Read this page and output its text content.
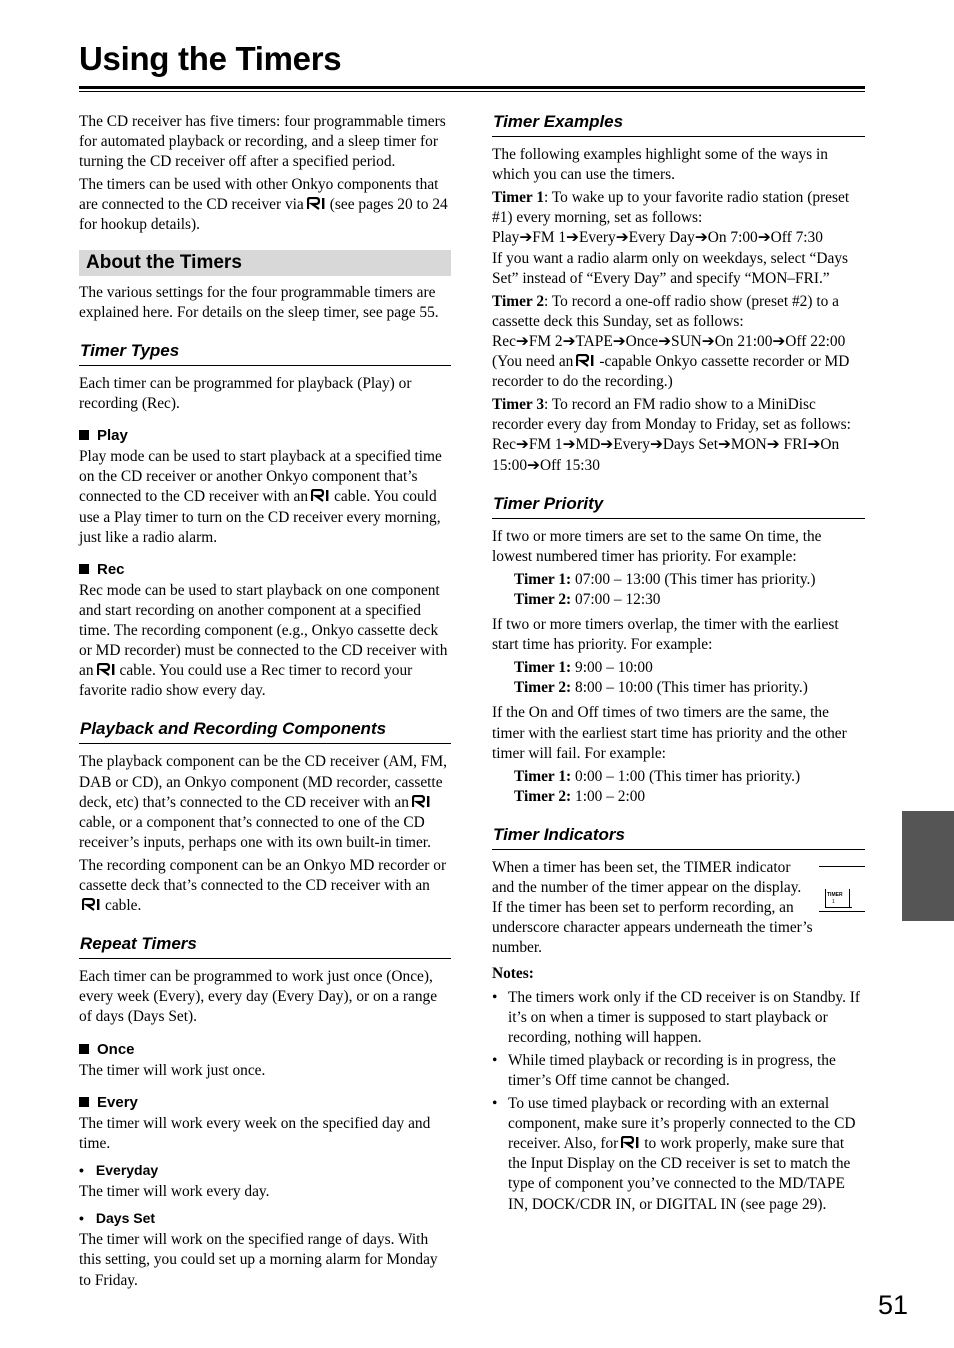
Using the Timers

The CD receiver has five timers: four programmable timers for automated playback or recording, and a sleep timer for turning the CD receiver off after a specified period.

The timers can be used with other Onkyo components that are connected to the CD receiver via (see pages 20 to 24 for hookup details).

About the Timers

The various settings for the four programmable timers are explained here. For details on the sleep timer, see page 55.

Timer Types

Each timer can be programmed for playback (Play) or recording (Rec).

Play

Play mode can be used to start playback at a specified time on the CD receiver or another Onkyo component that’s connected to the CD receiver with an cable. You could use a Play timer to turn on the CD receiver every morning, just like a radio alarm.

Rec

Rec mode can be used to start playback on one component and start recording on another component at a specified time. The recording component (e.g., Onkyo cassette deck or MD recorder) must be connected to the CD receiver with an cable. You could use a Rec timer to record your favorite radio show every day.

Playback and Recording Components

The playback component can be the CD receiver (AM, FM, DAB or CD), an Onkyo component (MD recorder, cassette deck, etc) that’s connected to the CD receiver with ancable, or a component that’s connected to one of the CD receiver’s inputs, perhaps one with its own built-in timer.

The recording component can be an Onkyo MD recorder or cassette deck that’s connected to the CD receiver with ancable.

Repeat Timers

Each timer can be programmed to work just once (Once), every week (Every), every day (Every Day), or on a range of days (Days Set).

Once

The timer will work just once.

Every

The timer will work every week on the specified day and time.

• Everyday

The timer will work every day.

• Days Set

The timer will work on the specified range of days. With this setting, you could set up a morning alarm for Monday to Friday.

Timer Examples

The following examples highlight some of the ways in which you can use the timers.

Timer 1: To wake up to your favorite radio station (preset #1) every morning, set as follows:
Play➔FM 1➔Every➔Every Day➔On 7:00➔Off 7:30
If you want a radio alarm only on weekdays, select “Days Set” instead of “Every Day” and specify “MON–FRI.”

Timer 2: To record a one-off radio show (preset #2) to a cassette deck this Sunday, set as follows:
Rec➔FM 2➔TAPE➔Once➔SUN➔On 21:00➔Off 22:00
(You need an -capable Onkyo cassette recorder or MD recorder to do the recording.)

Timer 3: To record an FM radio show to a MiniDisc recorder every day from Monday to Friday, set as follows:
Rec➔FM 1➔MD➔Every➔Days Set➔MON➔ FRI➔On 15:00➔Off 15:30

Timer Priority

If two or more timers are set to the same On time, the lowest numbered timer has priority. For example:

Timer 1: 07:00 – 13:00 (This timer has priority.)

Timer 2: 07:00 – 12:30

If two or more timers overlap, the timer with the earliest start time has priority. For example:

Timer 1: 9:00 – 10:00

Timer 2: 8:00 – 10:00 (This timer has priority.)

If the On and Off times of two timers are the same, the timer with the earliest start time has priority and the other timer will fail. For example:

Timer 1: 0:00 – 1:00 (This timer has priority.)

Timer 2: 1:00 – 2:00

Timer Indicators
TIMER
1

When a timer has been set, the TIMER indicator and the number of the timer appear on the display. If the timer has been set to perform recording, an underscore character appears underneath the timer’s number.

Notes:

• The timers work only if the CD receiver is on Standby. If it’s on when a timer is supposed to start playback or recording, nothing will happen.
• While timed playback or recording is in progress, the timer’s Off time cannot be changed.
• To use timed playback or recording with an external component, make sure it’s properly connected to the CD receiver. Also, for to work properly, make sure that the Input Display on the CD receiver is set to match the type of component you’ve connected to the MD/TAPE IN, DOCK/CDR IN, or DIGITAL IN (see page 29).
51
